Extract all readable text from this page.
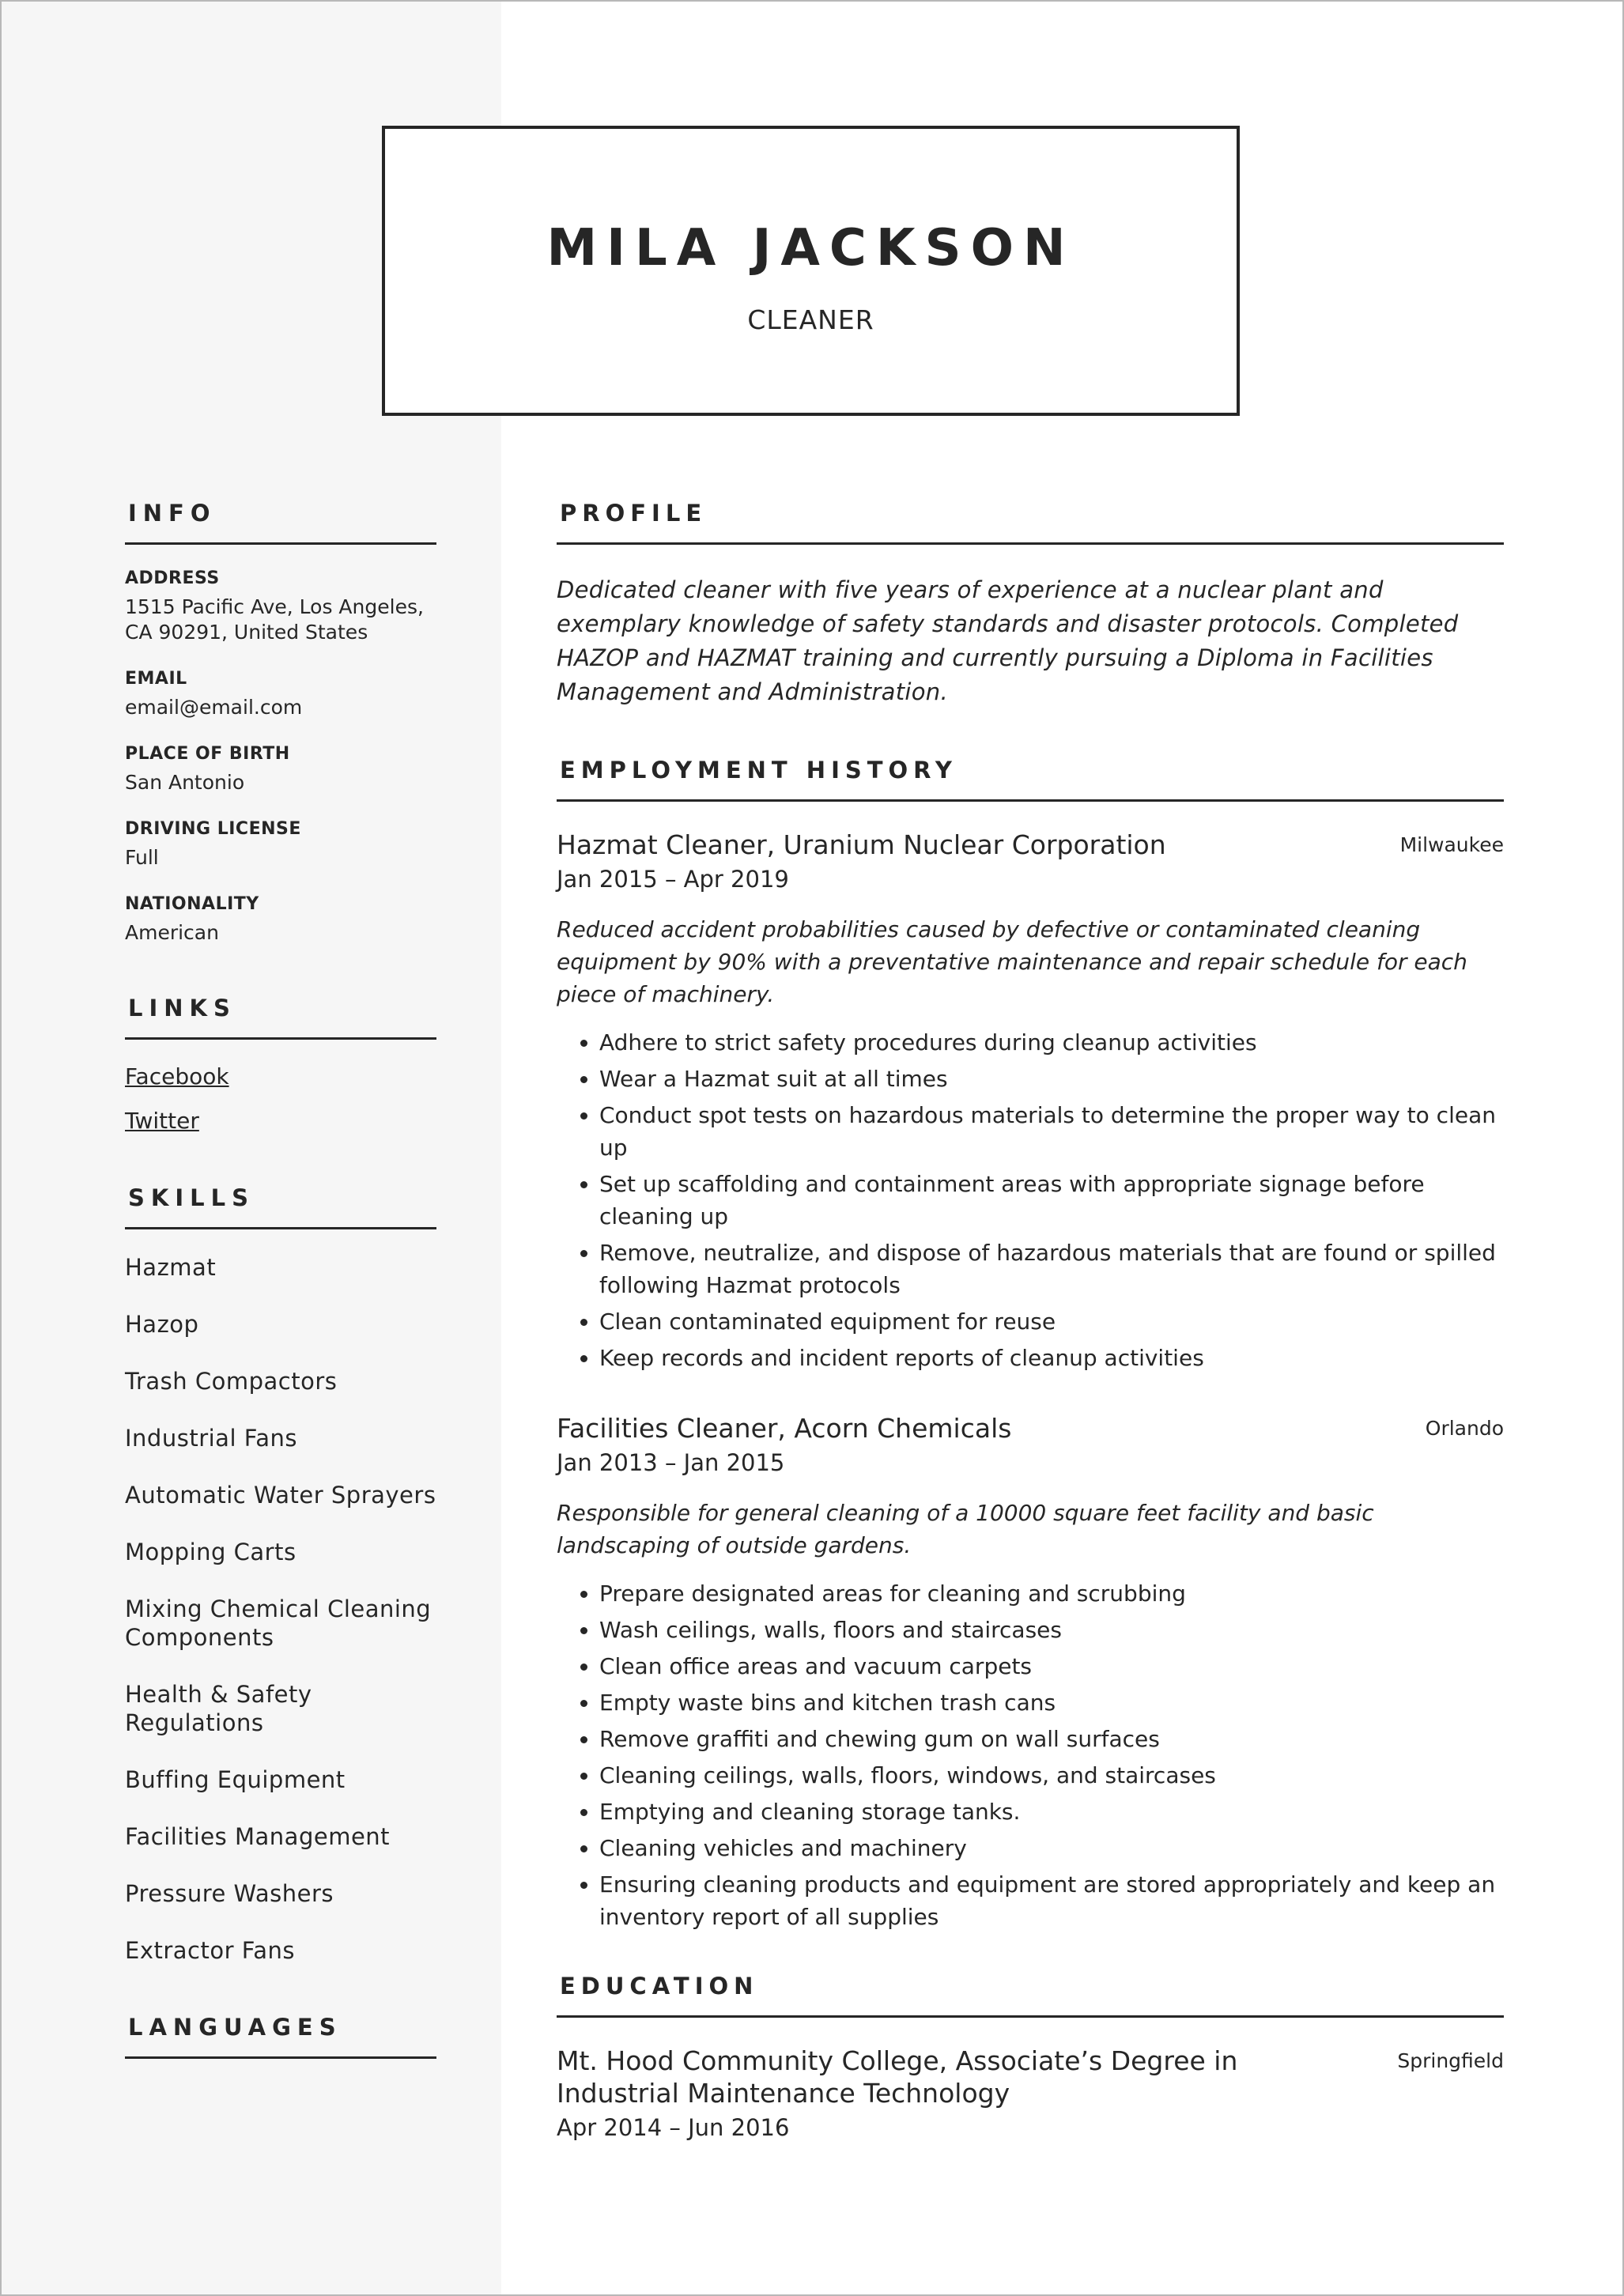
MILA JACKSON
CLEANER
INFO
ADDRESS
1515 Pacific Ave, Los Angeles, CA 90291, United States
EMAIL
email@email.com
PLACE OF BIRTH
San Antonio
DRIVING LICENSE
Full
NATIONALITY
American
LINKS
Facebook
Twitter
SKILLS
Hazmat
Hazop
Trash Compactors
Industrial Fans
Automatic Water Sprayers
Mopping Carts
Mixing Chemical Cleaning Components
Health & Safety Regulations
Buffing Equipment
Facilities Management
Pressure Washers
Extractor Fans
LANGUAGES
PROFILE
Dedicated cleaner with five years of experience at a nuclear plant and exemplary knowledge of safety standards and disaster protocols. Completed HAZOP and HAZMAT training and currently pursuing a Diploma in Facilities Management and Administration.
EMPLOYMENT HISTORY
Hazmat Cleaner, Uranium Nuclear Corporation	Milwaukee
Jan 2015 – Apr 2019
Reduced accident probabilities caused by defective or contaminated cleaning equipment by 90% with a preventative maintenance and repair schedule for each piece of machinery.
• Adhere to strict safety procedures during cleanup activities
• Wear a Hazmat suit at all times
• Conduct spot tests on hazardous materials to determine the proper way to clean up
• Set up scaffolding and containment areas with appropriate signage before cleaning up
• Remove, neutralize, and dispose of hazardous materials that are found or spilled following Hazmat protocols
• Clean contaminated equipment for reuse
• Keep records and incident reports of cleanup activities
Facilities Cleaner, Acorn Chemicals	Orlando
Jan 2013 – Jan 2015
Responsible for general cleaning of a 10000 square feet facility and basic landscaping of outside gardens.
• Prepare designated areas for cleaning and scrubbing
• Wash ceilings, walls, floors and staircases
• Clean office areas and vacuum carpets
• Empty waste bins and kitchen trash cans
• Remove graffiti and chewing gum on wall surfaces
• Cleaning ceilings, walls, floors, windows, and staircases
• Emptying and cleaning storage tanks.
• Cleaning vehicles and machinery
• Ensuring cleaning products and equipment are stored appropriately and keep an inventory report of all supplies
EDUCATION
Mt. Hood Community College, Associate’s Degree in Industrial Maintenance Technology
Springfield
Apr 2014 – Jun 2016
